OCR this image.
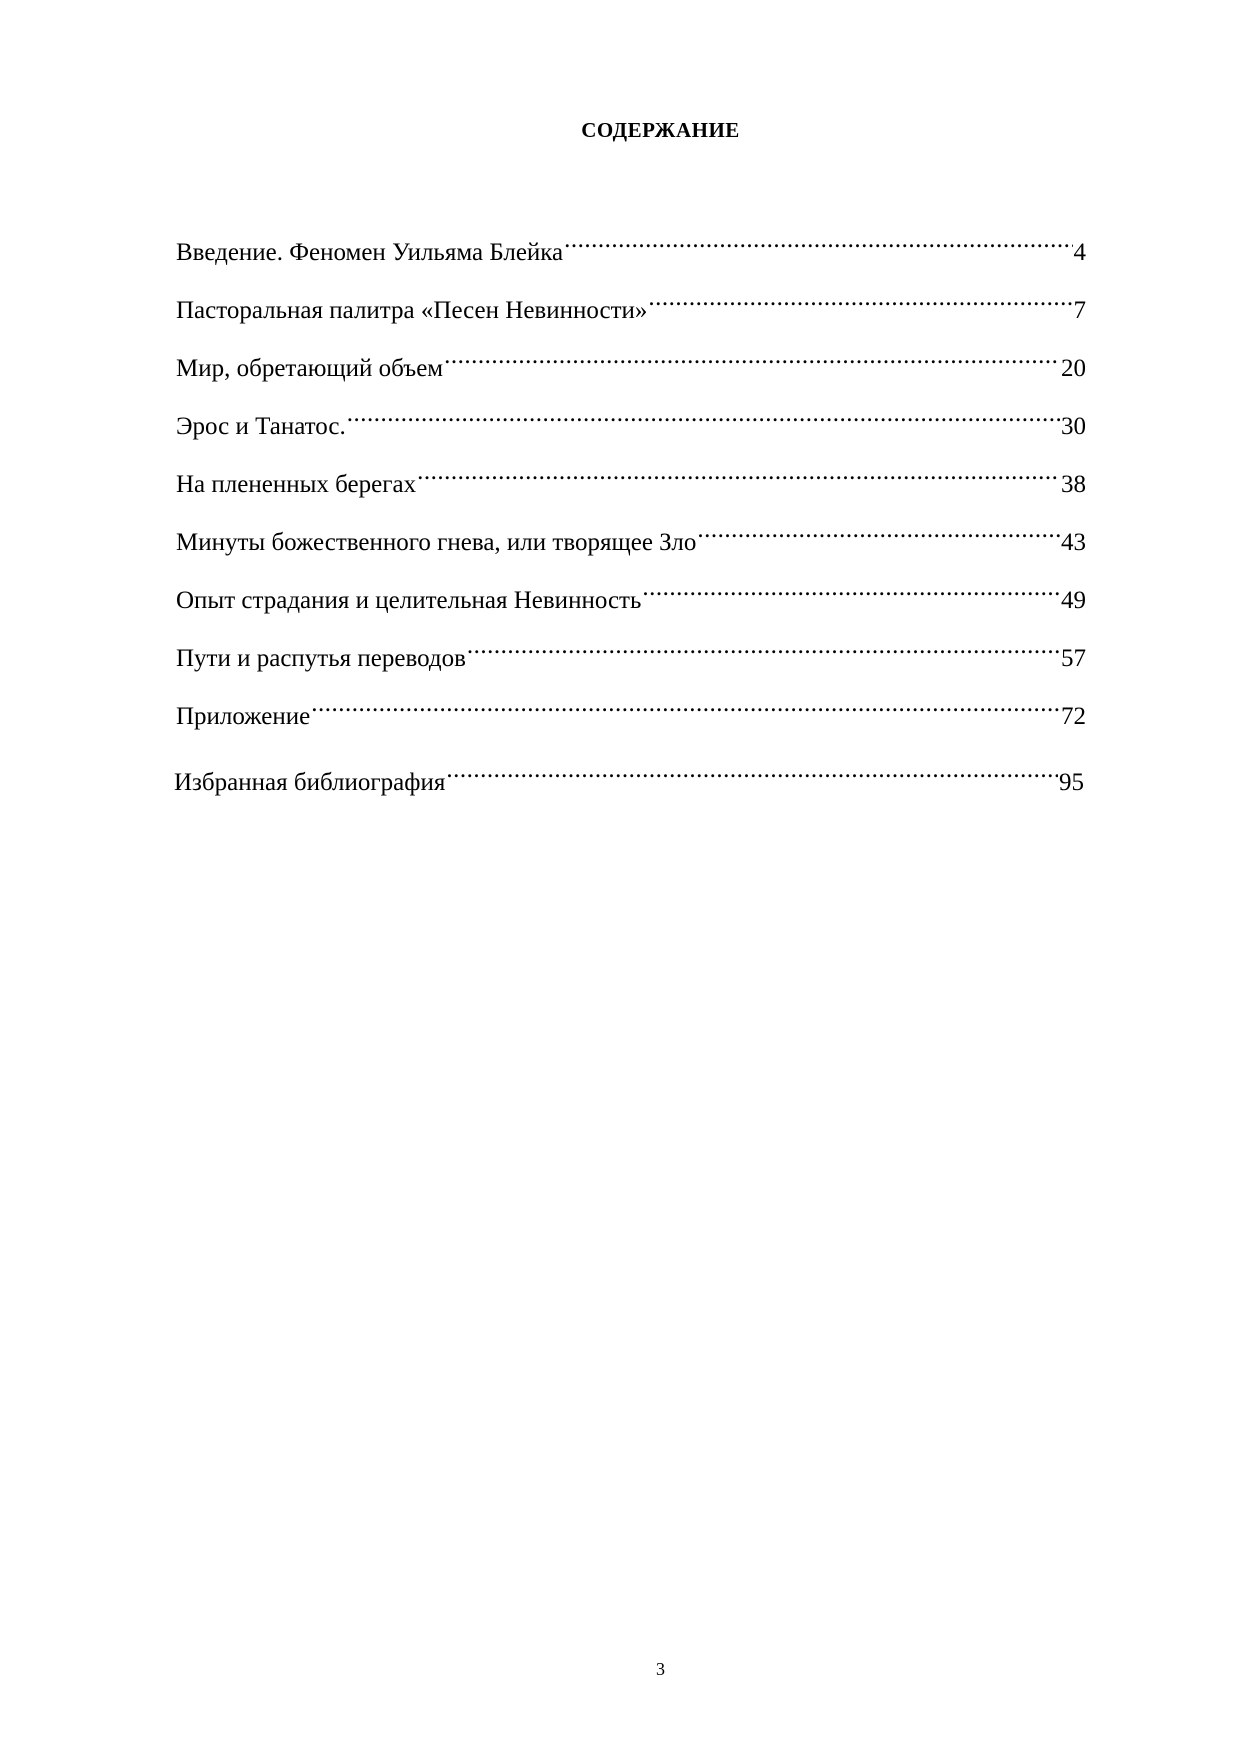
СОДЕРЖАНИЕ
Введение. Феномен Уильяма Блейка .....	4
Пасторальная палитра «Песен Невинности» .....	7
Мир, обретающий объем .....	20
Эрос и Танатос. .....	30
На плененных берегах .....	38
Минуты божественного гнева, или творящее Зло .....	43
Опыт страдания и целительная Невинность .....	49
Пути и распутья переводов .....	57
Приложение .....	72
Избранная библиография .....	95
3
